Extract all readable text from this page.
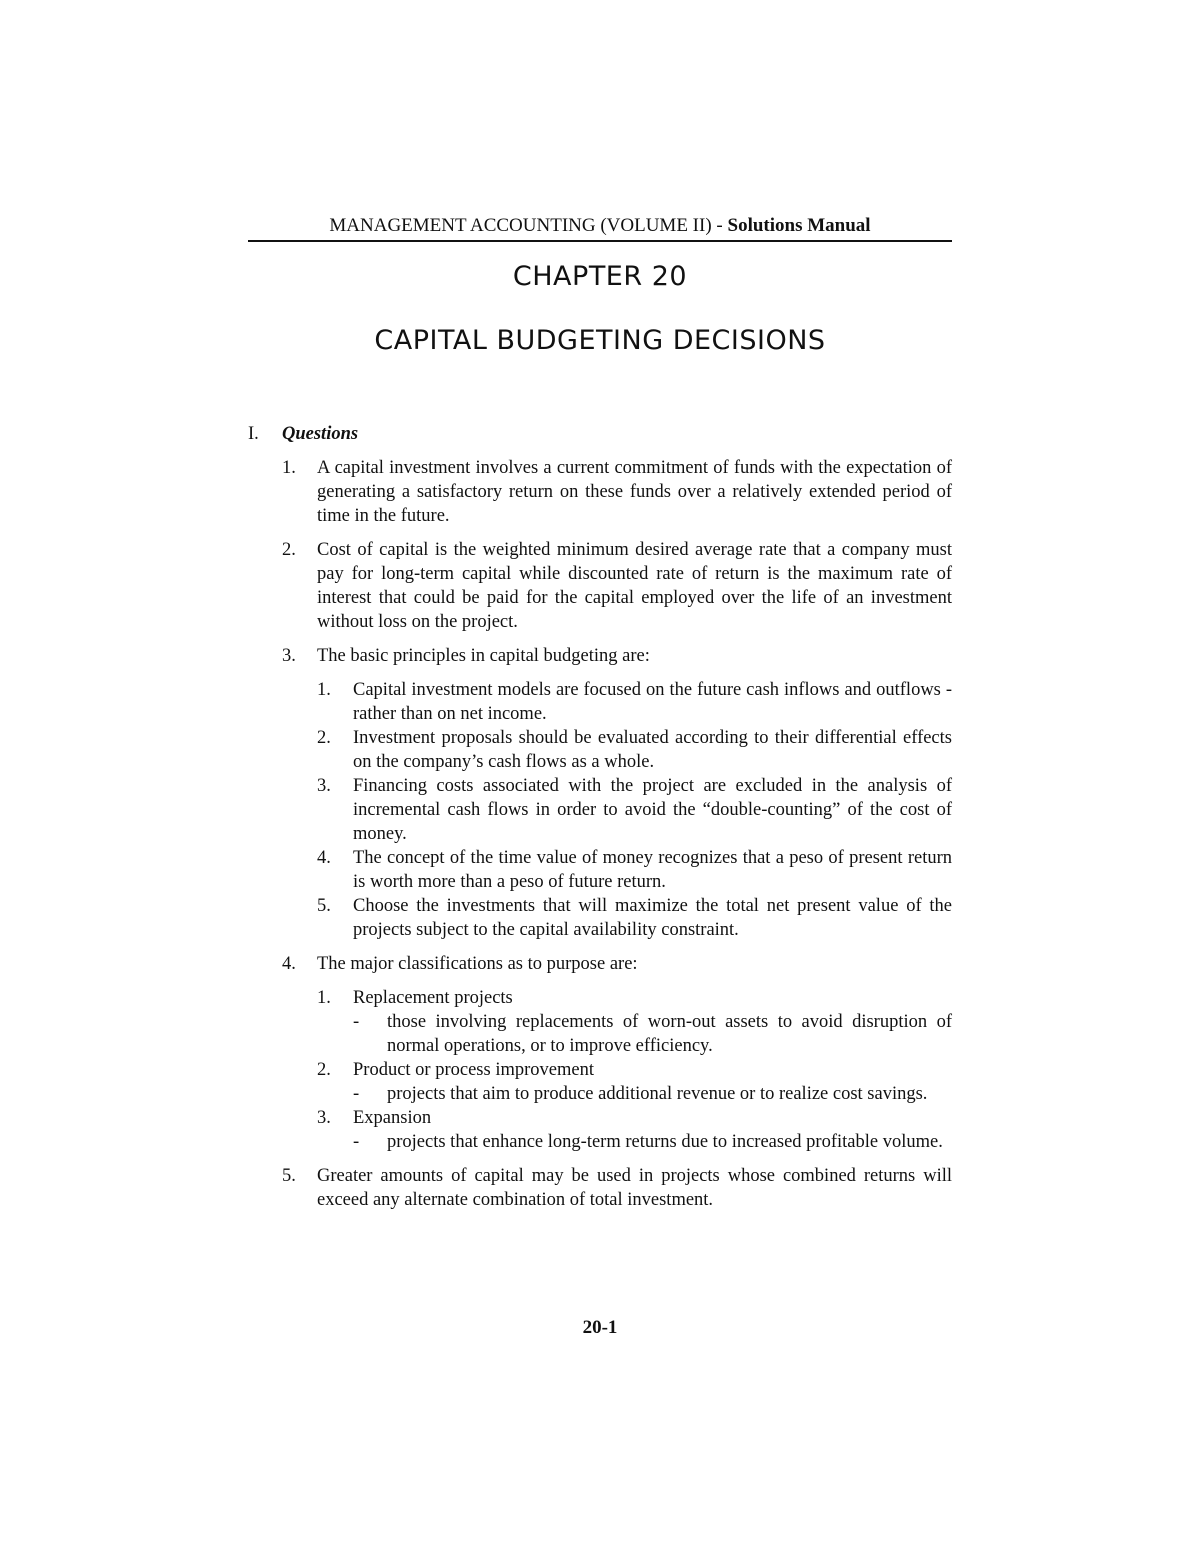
MANAGEMENT ACCOUNTING (VOLUME II) - Solutions Manual
CHAPTER 20
CAPITAL BUDGETING DECISIONS
I.	Questions
1.	A capital investment involves a current commitment of funds with the expectation of generating a satisfactory return on these funds over a relatively extended period of time in the future.
2.	Cost of capital is the weighted minimum desired average rate that a company must pay for long-term capital while discounted rate of return is the maximum rate of interest that could be paid for the capital employed over the life of an investment without loss on the project.
3.	The basic principles in capital budgeting are:
1.	Capital investment models are focused on the future cash inflows and outflows - rather than on net income.
2.	Investment proposals should be evaluated according to their differential effects on the company’s cash flows as a whole.
3.	Financing costs associated with the project are excluded in the analysis of incremental cash flows in order to avoid the “double-counting” of the cost of money.
4.	The concept of the time value of money recognizes that a peso of present return is worth more than a peso of future return.
5.	Choose the investments that will maximize the total net present value of the projects subject to the capital availability constraint.
4.	The major classifications as to purpose are:
1.	Replacement projects
-	those involving replacements of worn-out assets to avoid disruption of normal operations, or to improve efficiency.
2.	Product or process improvement
-	projects that aim to produce additional revenue or to realize cost savings.
3.	Expansion
-	projects that enhance long-term returns due to increased profitable volume.
5.	Greater amounts of capital may be used in projects whose combined returns will exceed any alternate combination of total investment.
20-1
